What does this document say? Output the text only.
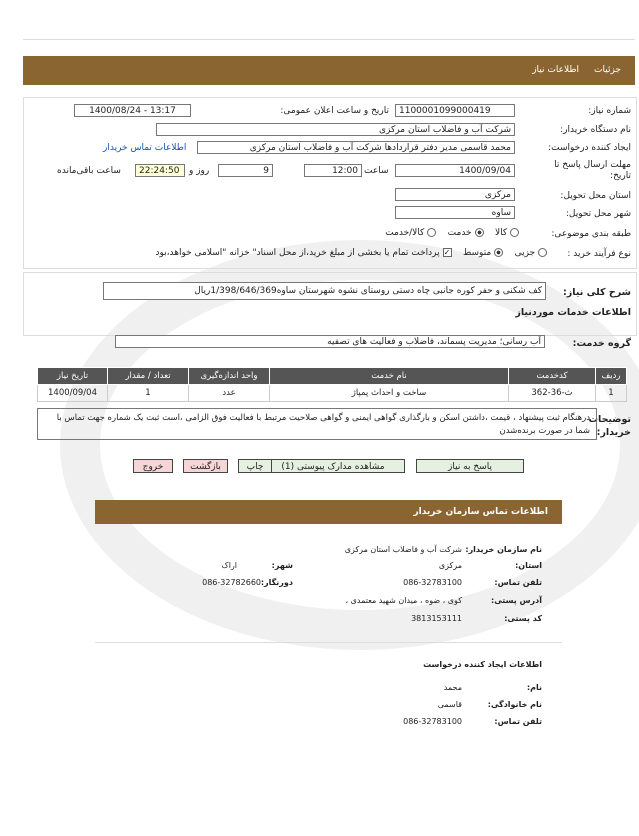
جزئیات
اطلاعات نیاز
شماره نیاز:
1100001099000419
تاریخ و ساعت اعلان عمومی:
1400/08/24 - 13:17
نام دستگاه خریدار:
شرکت آب و فاضلاب استان مرکزی
ایجاد کننده درخواست:
محمد قاسمی مدیر دفتر قراردادها شرکت آب و فاضلاب استان مرکزی
اطلاعات تماس خریدار
مهلت ارسال پاسخ تا تاریخ:
1400/09/04
ساعت
12:00
9
روز و
22:24:50
ساعت باقی‌مانده
استان محل تحویل:
مرکزی
شهر محل تحویل:
ساوه
طبقه بندی موضوعی:
کالا     خدمت     کالا/خدمت
نوع فرآیند خرید :
جزیی     متوسط    ✓ پرداخت تمام یا بخشی از مبلغ خرید،از محل اسناد" خزانه "اسلامی خواهد،بود
شرح کلی نیاز:
کف شکنی و حفر کوره جانبی چاه دستی روستای نشوه شهرستان ساوه1/398/646/369ریال
اطلاعات خدمات مورد‌نیاز
گروه خدمت:
آب رسانی؛ مدیریت پسماند، فاضلاب و فعالیت های تصفیه
ردیف	کدخدمت	نام خدمت	واحد اندازه‌گیری	تعداد / مقدار	تاریخ نیاز
1	ث-36-362	ساخت و احداث پمپاژ	عدد	1	1400/09/04
توضیحات خریدار:
درهنگام ثبت پیشنهاد ، قیمت ،داشتن اسکن و بارگذاری گواهی ایمنی و گواهی صلاحیت مرتبط با فعالیت فوق الزامی ،است ثبت یک شماره جهت تماس با شما در صورت برنده‌شدن
پاسخ به نیاز
مشاهده مدارک پیوستی (1)
چاپ
بازگشت
خروج
اطلاعات تماس سازمان خریدار
نام سازمان خریدار:
شرکت آب و فاضلاب استان مرکزی
استان:
مرکزی
شهر:
اراک
تلفن تماس:
086-32783100
دورنگار:
086-32782660
آدرس پستی:
کوی ، ضوه ، میدان شهید معتمدی ،
کد پستی:
3813153111
اطلاعات ایجاد کننده درخواست
نام:
محمد
نام خانوادگی:
قاسمی
تلفن تماس:
086-32783100
